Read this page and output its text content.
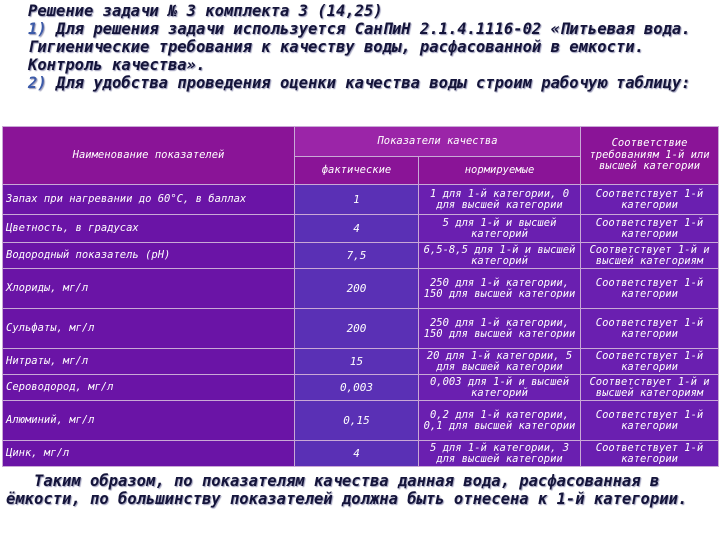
Решение задачи № 3 комплекта 3 (14,25)

1) Для решения задачи используется СанПиН 2.1.4.1116-02 «Питьевая вода. Гигиенические требования к качеству воды, расфасованной в емкости. Контроль качества».

2) Для удобства проведения оценки качества воды строим рабочую таблицу:

Наименование показателей	Показатели качества		Соответствие требованиям 1-й или высшей категории
	фактические	нормируемые	
Запах при нагревании до 60°С, в баллах	1	1 для 1-й категории, 0 для высшей категории	Соответствует 1-й категории
Цветность, в градусах	4	5 для 1-й и высшей категорий	Соответствует 1-й категории
Водородный показатель (рН)	7,5	6,5-8,5 для 1-й и высшей категорий	Соответствует 1-й и высшей категориям
Хлориды, мг/л	200	250 для 1-й категории, 150 для высшей категории	Соответствует 1-й категории
Сульфаты, мг/л	200	250 для 1-й категории, 150 для высшей категории	Соответствует 1-й категории
Нитраты, мг/л	15	20 для 1-й категории, 5 для высшей категории	Соответствует 1-й категории
Сероводород, мг/л	0,003	0,003 для 1-й и высшей категорий	Соответствует 1-й и высшей категориям
Алюминий, мг/л	0,15	0,2 для 1-й категории, 0,1 для высшей категории	Соответствует 1-й категории
Цинк, мг/л	4	5 для 1-й категории, 3 для высшей категории	Соответствует 1-й категории

Таким образом, по показателям качества данная вода, расфасованная в ёмкости, по большинству показателей должна быть отнесена к 1-й категории.
